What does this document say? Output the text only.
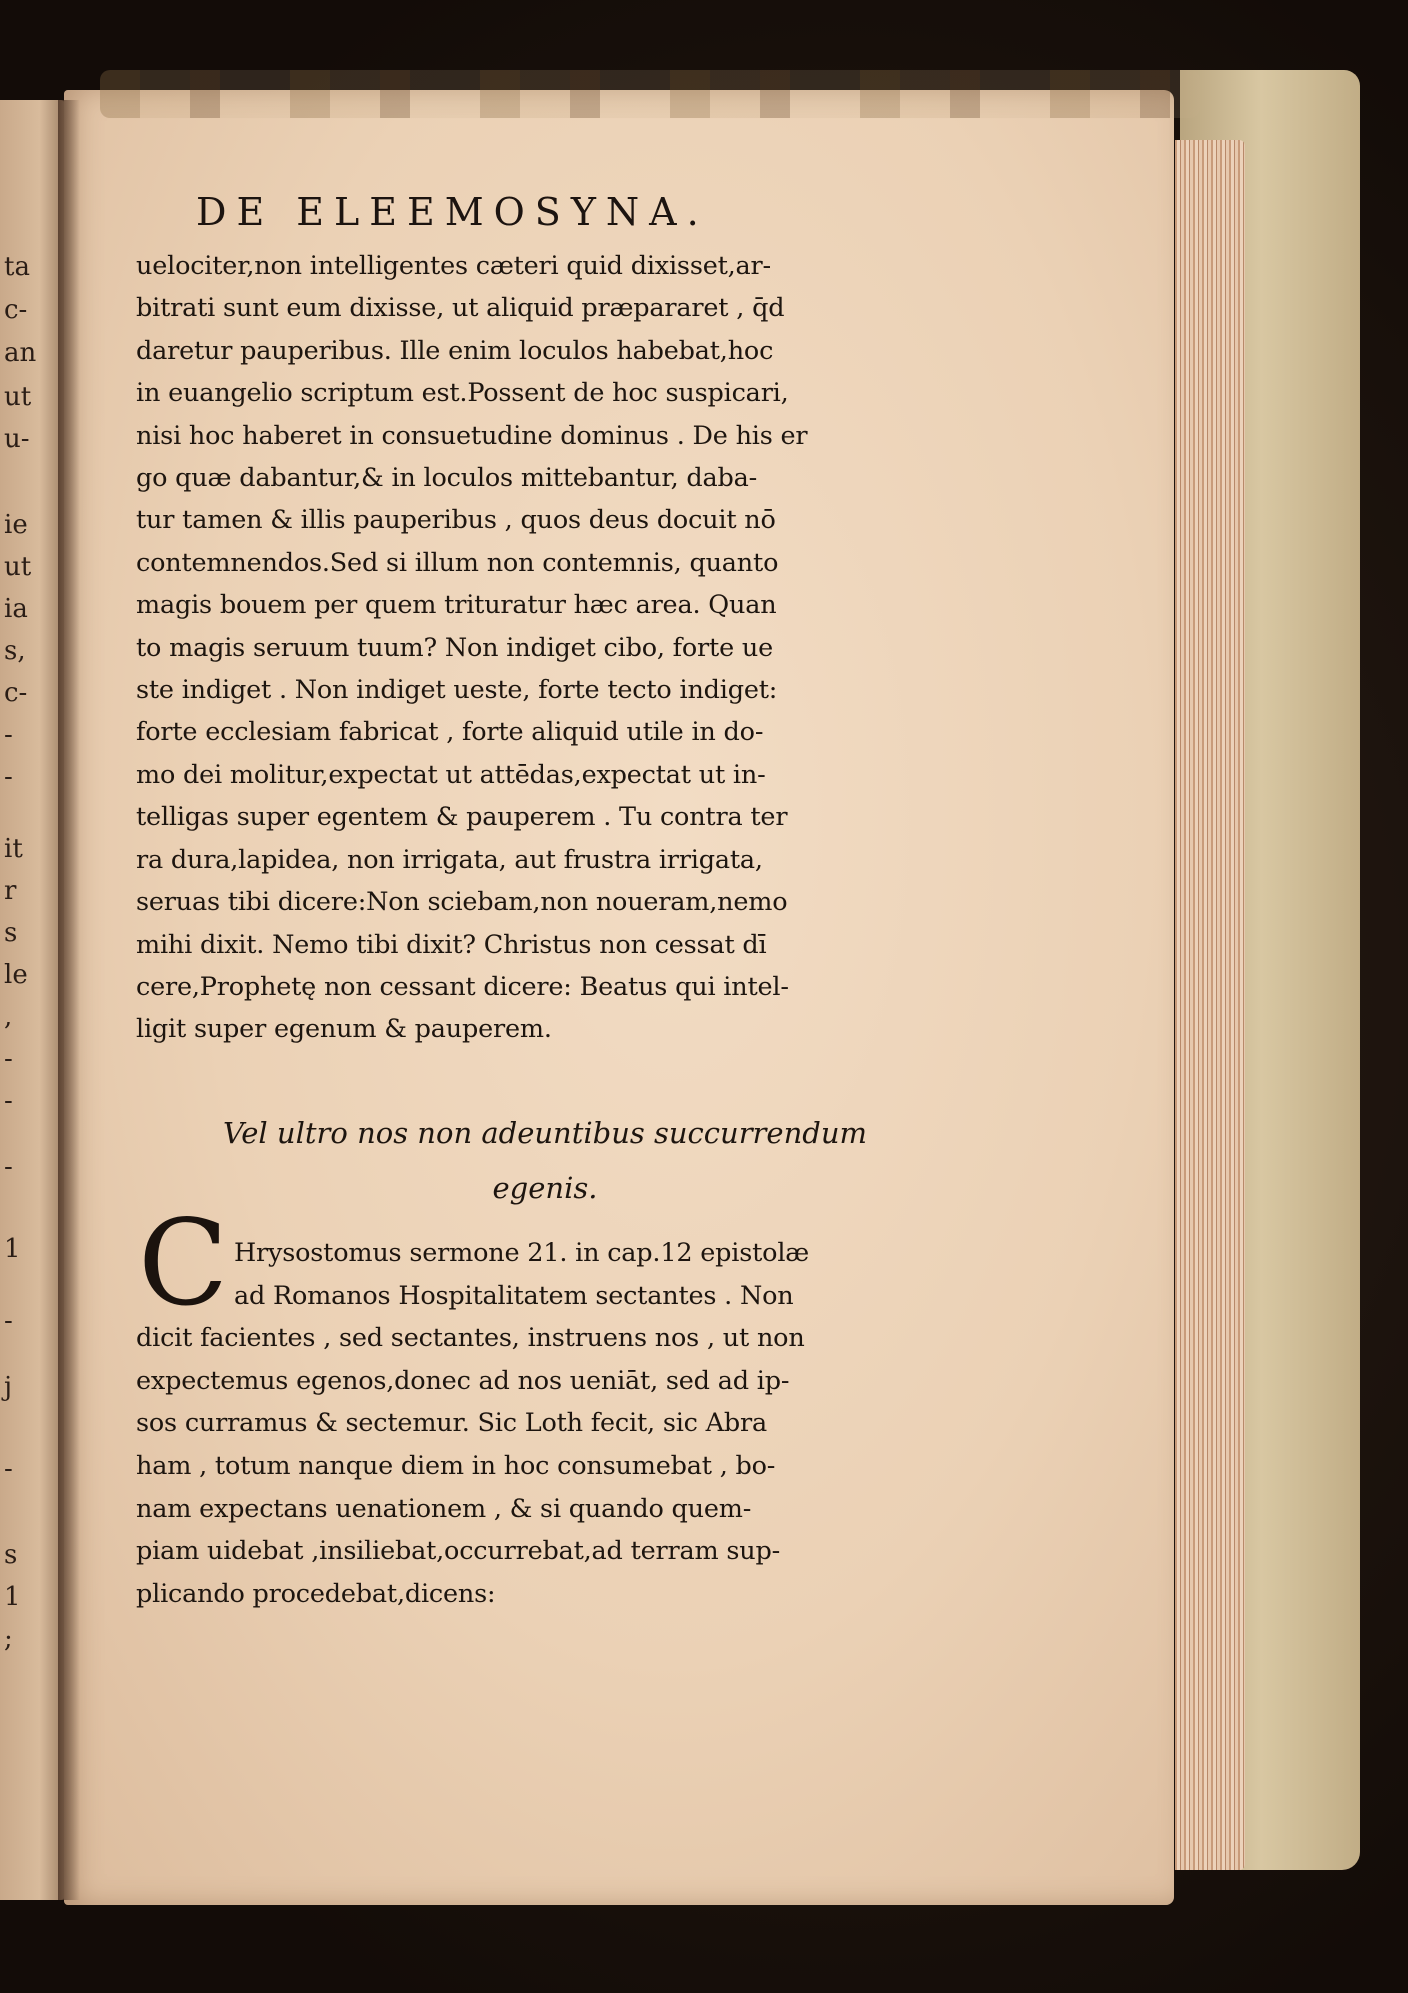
ta
c-
an
ut
u-
ie
ut
ia
s,
c-
-
-
it
r
s
le
,
-
-
-
1
-
j
-
s
1
;
DE ELEEMOSYNA.
uelociter,non intelligentes cæteri quid dixisset,ar-
bitrati sunt eum dixisse, ut aliquid præpararet , q̄d
daretur pauperibus. Ille enim loculos habebat,hoc
in euangelio scriptum est.Possent de hoc suspicari,
nisi hoc haberet in consuetudine dominus . De his er
go quæ dabantur,& in loculos mittebantur, daba-
tur tamen & illis pauperibus , quos deus docuit nō
contemnendos.Sed si illum non contemnis, quanto
magis bouem per quem trituratur hæc area. Quan
to magis seruum tuum? Non indiget cibo, forte ue
ste indiget . Non indiget ueste, forte tecto indiget:
forte ecclesiam fabricat , forte aliquid utile in do-
mo dei molitur,expectat ut attēdas,expectat ut in-
telligas super egentem & pauperem . Tu contra ter
ra dura,lapidea, non irrigata, aut frustra irrigata,
seruas tibi dicere:Non sciebam,non noueram,nemo
mihi dixit. Nemo tibi dixit? Christus non cessat dī
cere,Prophetę non cessant dicere: Beatus qui intel-
ligit super egenum & pauperem.
Vel ultro nos non adeuntibus succurrendum
egenis.
C Hrysostomus sermone 21. in cap.12 epistolæ
ad Romanos Hospitalitatem sectantes . Non
dicit facientes , sed sectantes, instruens nos , ut non
expectemus egenos,donec ad nos ueniāt, sed ad ip-
sos curramus & sectemur. Sic Loth fecit, sic Abra
ham , totum nanque diem in hoc consumebat , bo-
nam expectans uenationem , & si quando quem-
piam uidebat ,insiliebat,occurrebat,ad terram sup-
plicando procedebat,dicens:
